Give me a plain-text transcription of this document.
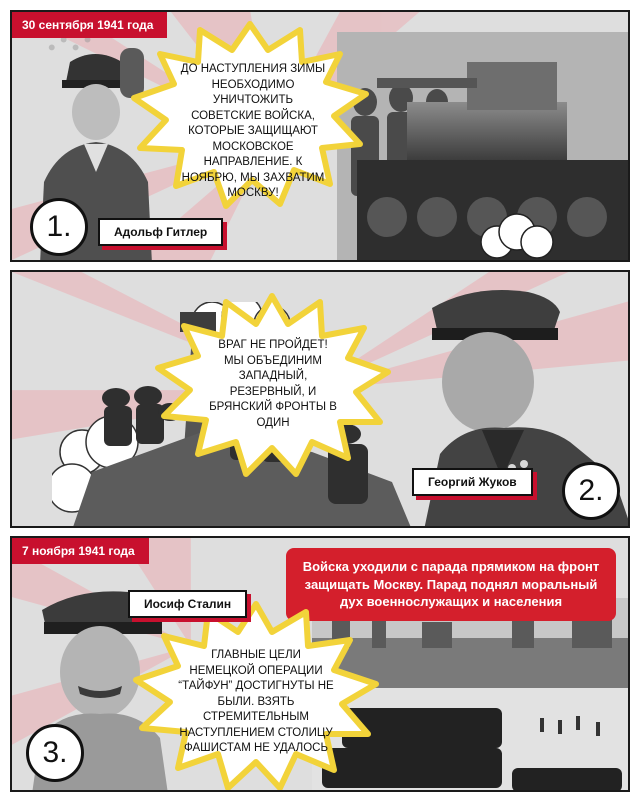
ДО НАСТУПЛЕНИЯ ЗИМЫ НЕОБХОДИМО УНИЧТОЖИТЬ СОВЕТСКИЕ ВОЙСКА, КОТОРЫЕ ЗАЩИЩАЮТ МОСКОВСКОЕ НАПРАВЛЕНИЕ. К НОЯБРЮ, МЫ ЗАХВАТИМ МОСКВУ!
30 сентября 1941 года
1.	Адольф Гитлер
ВРАГ НЕ ПРОЙДЕТ! МЫ ОБЪЕДИНИМ ЗАПАДНЫЙ, РЕЗЕРВНЫЙ, И БРЯНСКИЙ ФРОНТЫ В ОДИН
Георгий Жуков	2.
Войска уходили с парада прямиком на фронт защищать Москву. Парад поднял моральный дух военнослужащих и населения
ГЛАВНЫЕ ЦЕЛИ НЕМЕЦКОЙ ОПЕРАЦИИ “ТАЙФУН” ДОСТИГНУТЫ НЕ БЫЛИ. ВЗЯТЬ СТРЕМИТЕЛЬНЫМ НАСТУПЛЕНИЕМ СТОЛИЦУ ФАШИСТАМ НЕ УДАЛОСЬ
7 ноября 1941 года
Иосиф Сталин
3.
